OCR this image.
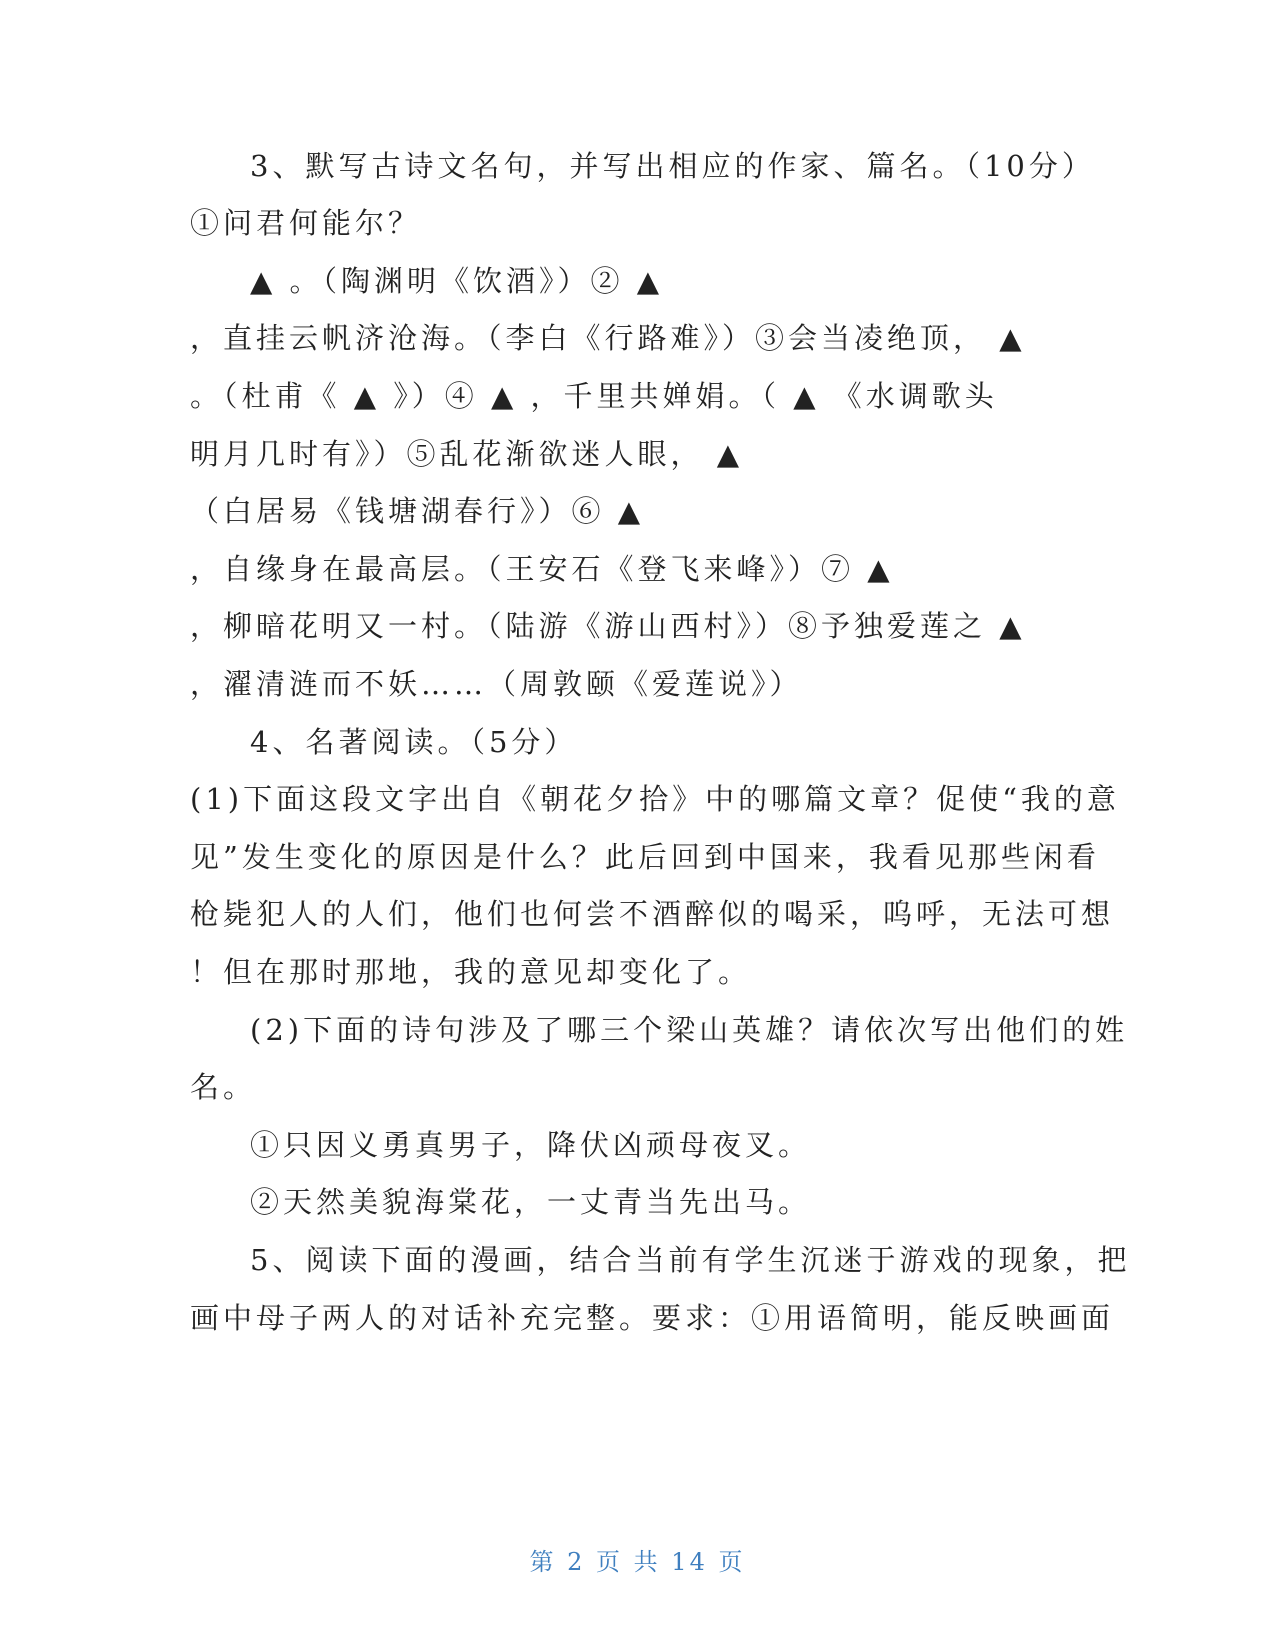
3、默写古诗文名句，并写出相应的作家、篇名。（10分）
①问君何能尔？
▲ 。（陶渊明《饮酒》）② ▲
，直挂云帆济沧海。（李白《行路难》）③会当凌绝顶， ▲
。（杜甫《 ▲ 》）④ ▲ ，千里共婵娟。（ ▲ 《水调歌头
明月几时有》）⑤乱花渐欲迷人眼， ▲
（白居易《钱塘湖春行》）⑥ ▲
，自缘身在最高层。（王安石《登飞来峰》）⑦ ▲
，柳暗花明又一村。（陆游《游山西村》）⑧予独爱莲之 ▲
，濯清涟而不妖……（周敦颐《爱莲说》）
4、名著阅读。（5分）
(1)下面这段文字出自《朝花夕拾》中的哪篇文章？促使“我的意
见”发生变化的原因是什么？此后回到中国来，我看见那些闲看
枪毙犯人的人们，他们也何尝不酒醉似的喝采，呜呼，无法可想
！但在那时那地，我的意见却变化了。
(2)下面的诗句涉及了哪三个梁山英雄？请依次写出他们的姓
名。
①只因义勇真男子，降伏凶顽母夜叉。
②天然美貌海棠花，一丈青当先出马。
5、阅读下面的漫画，结合当前有学生沉迷于游戏的现象，把
画中母子两人的对话补充完整。要求：①用语简明，能反映画面
第 2 页 共 14 页
